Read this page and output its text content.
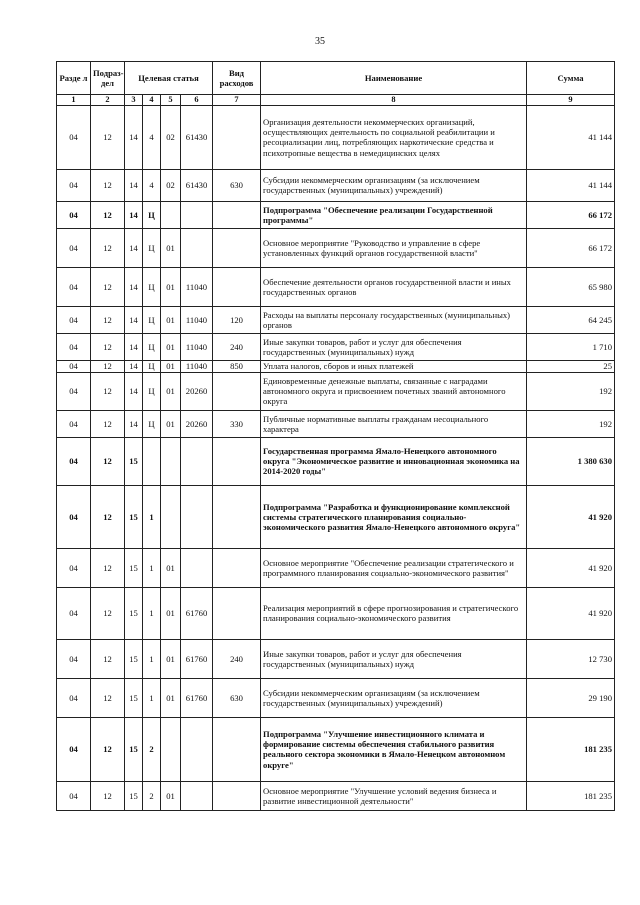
35
Разде л	Подраз- дел	Целевая статья				Вид расходов	Наименование	Сумма
1	2	3	4	5	6	7	8	9
04	12	14	4	02	61430		Организация деятельности некоммерческих организаций, осуществляющих деятельность по социальной реабилитации и ресоциализации лиц, потребляющих наркотические средства и психотропные вещества в немедицинских целях	41 144
04	12	14	4	02	61430	630	Субсидии некоммерческим организациям (за исключением государственных (муниципальных) учреждений)	41 144
04	12	14	Ц				Подпрограмма "Обеспечение реализации Государственной программы"	66 172
04	12	14	Ц	01			Основное мероприятие "Руководство и управление в сфере установленных функций органов государственной власти"	66 172
04	12	14	Ц	01	11040		Обеспечение деятельности органов государственной власти и иных государственных органов	65 980
04	12	14	Ц	01	11040	120	Расходы на выплаты персоналу государственных (муниципальных) органов	64 245
04	12	14	Ц	01	11040	240	Иные закупки товаров, работ и услуг для обеспечения государственных (муниципальных) нужд	1 710
04	12	14	Ц	01	11040	850	Уплата налогов, сборов и иных платежей	25
04	12	14	Ц	01	20260		Единовременные денежные выплаты, связанные с наградами автономного округа и присвоением почетных званий автономного округа	192
04	12	14	Ц	01	20260	330	Публичные нормативные выплаты гражданам несоциального характера	192
04	12	15					Государственная программа Ямало-Ненецкого автономного округа "Экономическое развитие и инновационная экономика на 2014-2020 годы"	1 380 630
04	12	15	1				Подпрограмма "Разработка и функционирование комплексной системы стратегического планирования социально-экономического развития Ямало-Ненецкого автономного округа"	41 920
04	12	15	1	01			Основное мероприятие "Обеспечение реализации стратегического и программного планирования социально-экономического развития"	41 920
04	12	15	1	01	61760		Реализация мероприятий в сфере прогнозирования и стратегического планирования социально-экономического развития	41 920
04	12	15	1	01	61760	240	Иные закупки товаров, работ и услуг для обеспечения государственных (муниципальных) нужд	12 730
04	12	15	1	01	61760	630	Субсидии некоммерческим организациям (за исключением государственных (муниципальных) учреждений)	29 190
04	12	15	2				Подпрограмма "Улучшение инвестиционного климата и формирование системы обеспечения стабильного развития реального сектора экономики в Ямало-Ненецком автономном округе"	181 235
04	12	15	2	01			Основное мероприятие "Улучшение условий ведения бизнеса и развитие инвестиционной деятельности"	181 235
